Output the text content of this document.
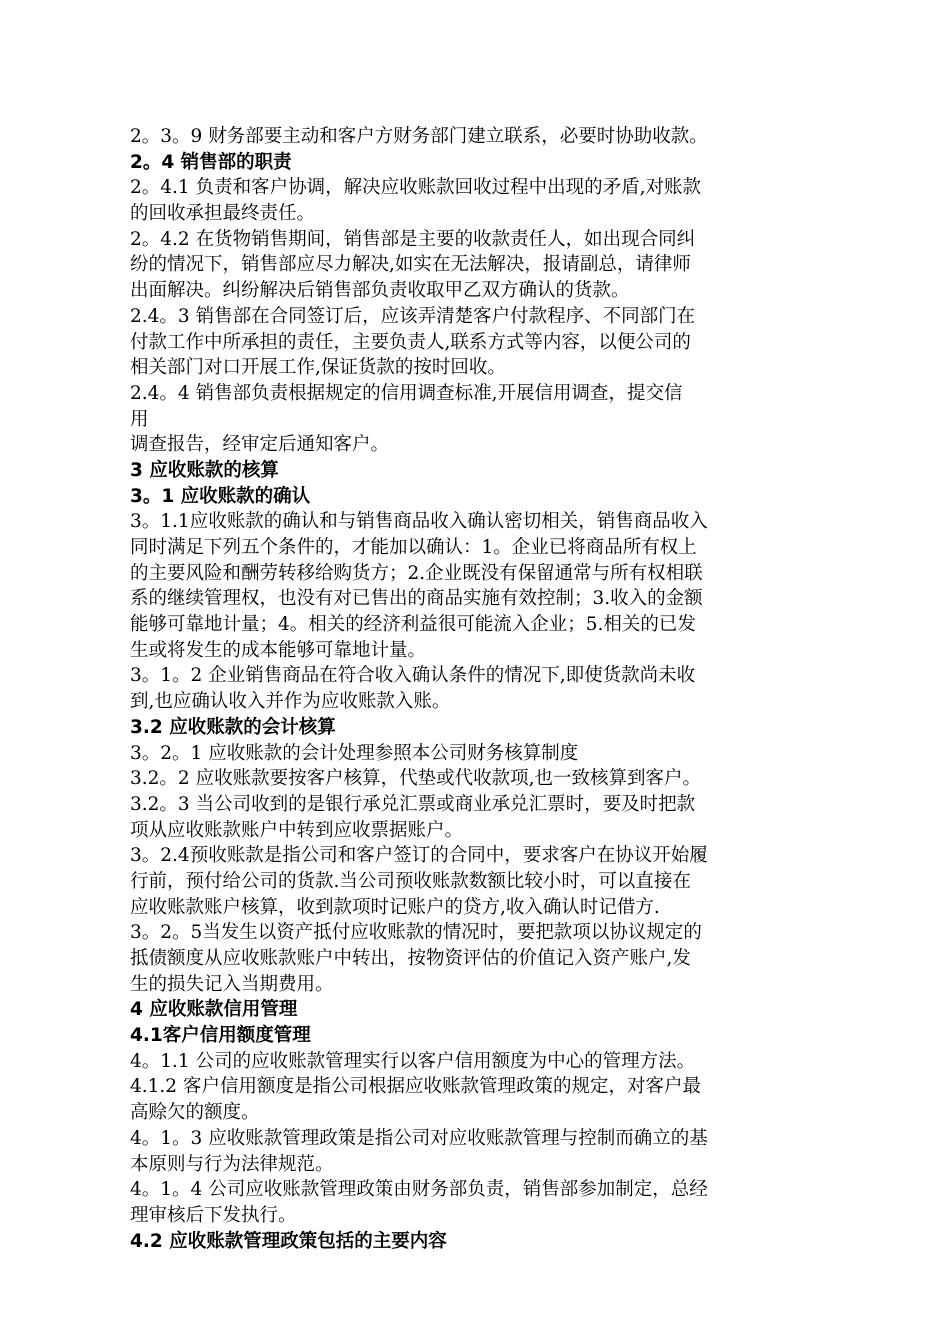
2。3。9 财务部要主动和客户方财务部门建立联系，必要时协助收款。
2。4 销售部的职责
2。4.1 负责和客户协调，解决应收账款回收过程中出现的矛盾,对账款
的回收承担最终责任。
2。4.2 在货物销售期间，销售部是主要的收款责任人，如出现合同纠
纷的情况下，销售部应尽力解决,如实在无法解决，报请副总，请律师
出面解决。纠纷解决后销售部负责收取甲乙双方确认的货款。
2.4。3 销售部在合同签订后，应该弄清楚客户付款程序、不同部门在
付款工作中所承担的责任，主要负责人,联系方式等内容，以便公司的
相关部门对口开展工作,保证货款的按时回收。
2.4。4 销售部负责根据规定的信用调查标准,开展信用调查，提交信
用
调查报告，经审定后通知客户。
3 应收账款的核算
3。1 应收账款的确认
3。1.1应收账款的确认和与销售商品收入确认密切相关，销售商品收入
同时满足下列五个条件的，才能加以确认：1。企业已将商品所有权上
的主要风险和酬劳转移给购货方；2.企业既没有保留通常与所有权相联
系的继续管理权，也没有对已售出的商品实施有效控制；3.收入的金额
能够可靠地计量；4。相关的经济利益很可能流入企业；5.相关的已发
生或将发生的成本能够可靠地计量。
3。1。2 企业销售商品在符合收入确认条件的情况下,即使货款尚未收
到,也应确认收入并作为应收账款入账。
3.2 应收账款的会计核算
3。2。1 应收账款的会计处理参照本公司财务核算制度
3.2。2 应收账款要按客户核算，代垫或代收款项,也一致核算到客户。
3.2。3 当公司收到的是银行承兑汇票或商业承兑汇票时，要及时把款
项从应收账款账户中转到应收票据账户。
3。2.4预收账款是指公司和客户签订的合同中，要求客户在协议开始履
行前，预付给公司的货款.当公司预收账款数额比较小时，可以直接在
应收账款账户核算，收到款项时记账户的贷方,收入确认时记借方.
3。2。5当发生以资产抵付应收账款的情况时，要把款项以协议规定的
抵债额度从应收账款账户中转出，按物资评估的价值记入资产账户,发
生的损失记入当期费用。
4 应收账款信用管理
4.1客户信用额度管理
4。1.1 公司的应收账款管理实行以客户信用额度为中心的管理方法。
4.1.2 客户信用额度是指公司根据应收账款管理政策的规定，对客户最
高赊欠的额度。
4。1。3 应收账款管理政策是指公司对应收账款管理与控制而确立的基
本原则与行为法律规范。
4。1。4 公司应收账款管理政策由财务部负责，销售部参加制定，总经
理审核后下发执行。
4.2 应收账款管理政策包括的主要内容
